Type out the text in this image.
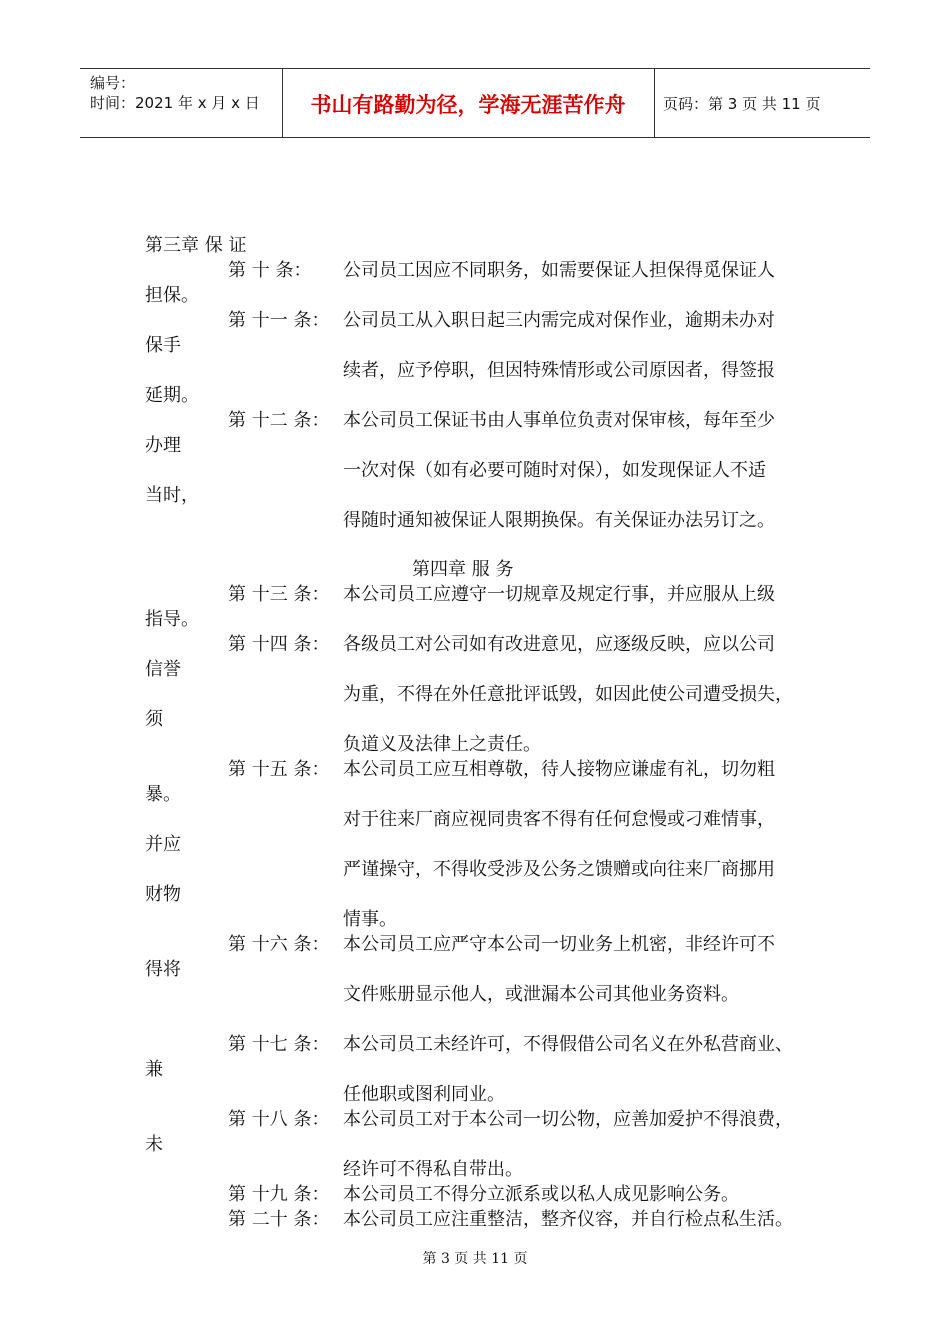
编号：
时间：2021 年 x 月 x 日	书山有路勤为径，学海无涯苦作舟	页码：第 3 页 共 11 页
第三章 保 证
第 十 条： 公司员工因应不同职务，如需要保证人担保得觅保证人
担保。
第 十一 条： 公司员工从入职日起三内需完成对保作业，逾期未办对
保手
续者，应予停职，但因特殊情形或公司原因者，得签报
延期。
第 十二 条： 本公司员工保证书由人事单位负责对保审核，每年至少
办理
一次对保（如有必要可随时对保），如发现保证人不适
当时，
得随时通知被保证人限期换保。有关保证办法另订之。
第四章 服 务
第 十三 条： 本公司员工应遵守一切规章及规定行事，并应服从上级
指导。
第 十四 条： 各级员工对公司如有改进意见，应逐级反映，应以公司
信誉
为重，不得在外任意批评诋毁，如因此使公司遭受损失，
须
负道义及法律上之责任。
第 十五 条： 本公司员工应互相尊敬，待人接物应谦虚有礼，切勿粗
暴。
对于往来厂商应视同贵客不得有任何怠慢或刁难情事，
并应
严谨操守，不得收受涉及公务之馈赠或向往来厂商挪用
财物
情事。
第 十六 条： 本公司员工应严守本公司一切业务上机密，非经许可不
得将
文件账册显示他人，或泄漏本公司其他业务资料。
第 十七 条： 本公司员工未经许可，不得假借公司名义在外私营商业、
兼
任他职或图利同业。
第 十八 条： 本公司员工对于本公司一切公物，应善加爱护不得浪费，
未
经许可不得私自带出。
第 十九 条： 本公司员工不得分立派系或以私人成见影响公务。
第 二十 条： 本公司员工应注重整洁，整齐仪容，并自行检点私生活。
第 3 页 共 11 页
